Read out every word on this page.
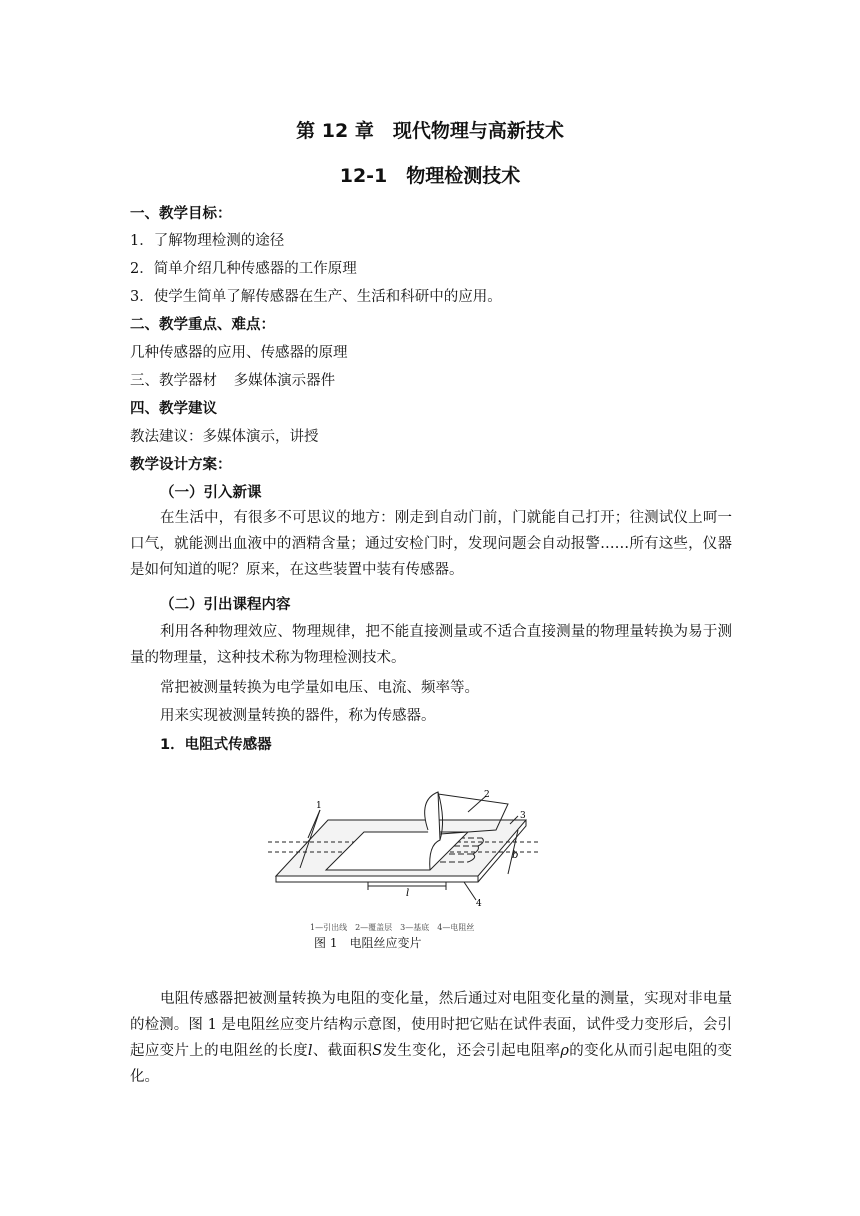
第 12 章　现代物理与高新技术
12-1　物理检测技术
一、教学目标：
1．了解物理检测的途径
2．简单介绍几种传感器的工作原理
3．使学生简单了解传感器在生产、生活和科研中的应用。
二、教学重点、难点：
几种传感器的应用、传感器的原理
三、教学器材 多媒体演示器件
四、教学建议
教法建议：多媒体演示，讲授
教学设计方案：
（一）引入新课
在生活中，有很多不可思议的地方：刚走到自动门前，门就能自己打开；往测试仪上呵一口气，就能测出血液中的酒精含量；通过安检门时，发现问题会自动报警……所有这些，仪器是如何知道的呢？原来，在这些装置中装有传感器。
（二）引出课程内容
利用各种物理效应、物理规律，把不能直接测量或不适合直接测量的物理量转换为易于测量的物理量，这种技术称为物理检测技术。
常把被测量转换为电学量如电压、电流、频率等。
用来实现被测量转换的器件，称为传感器。
1．电阻式传感器
1
2
3
4
b
l
1—引出线　2—覆盖层　3—基底　4—电阻丝
图 1　电阻丝应变片
电阻传感器把被测量转换为电阻的变化量，然后通过对电阻变化量的测量，实现对非电量的检测。图 1 是电阻丝应变片结构示意图，使用时把它贴在试件表面，试件受力变形后，会引起应变片上的电阻丝的长度l、截面积S发生变化，还会引起电阻率ρ的变化从而引起电阻的变化。
